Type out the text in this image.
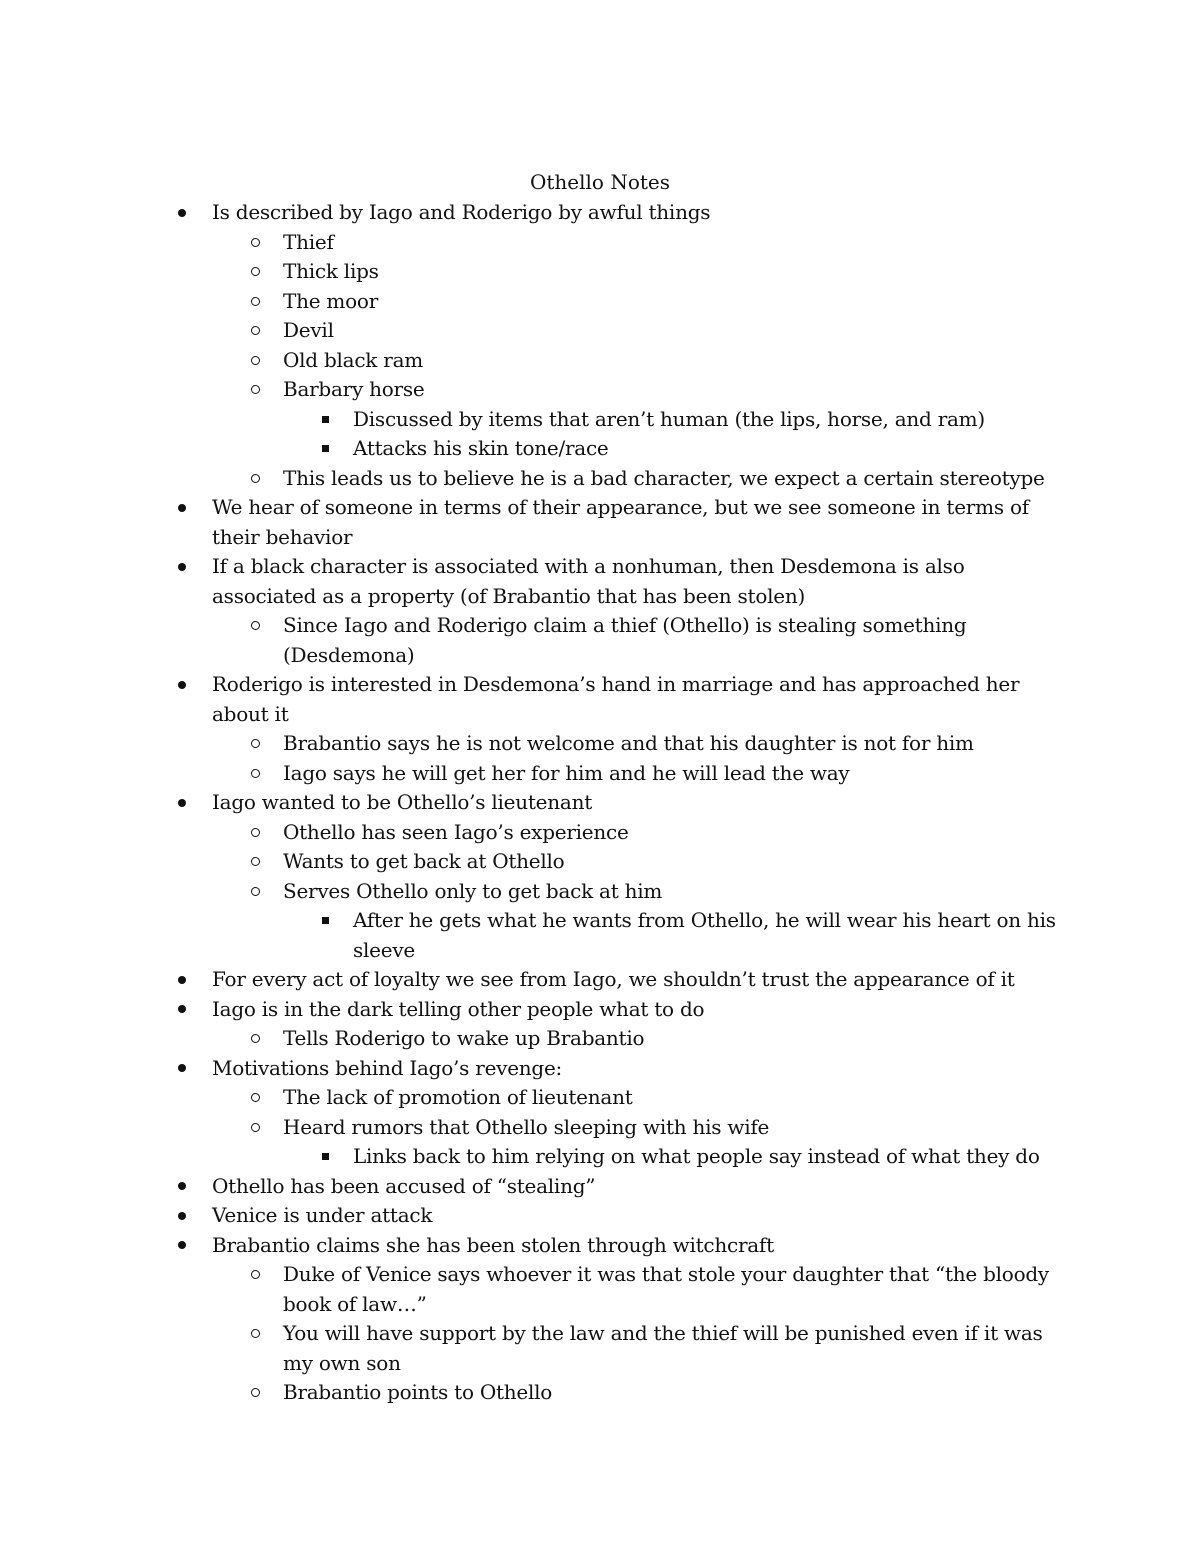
Othello Notes
Is described by Iago and Roderigo by awful things
Thief
Thick lips
The moor
Devil
Old black ram
Barbary horse
Discussed by items that aren’t human (the lips, horse, and ram)
Attacks his skin tone/race
This leads us to believe he is a bad character, we expect a certain stereotype
We hear of someone in terms of their appearance, but we see someone in terms of their behavior
If a black character is associated with a nonhuman, then Desdemona is also associated as a property (of Brabantio that has been stolen)
Since Iago and Roderigo claim a thief (Othello) is stealing something (Desdemona)
Roderigo is interested in Desdemona’s hand in marriage and has approached her about it
Brabantio says he is not welcome and that his daughter is not for him
Iago says he will get her for him and he will lead the way
Iago wanted to be Othello’s lieutenant
Othello has seen Iago’s experience
Wants to get back at Othello
Serves Othello only to get back at him
After he gets what he wants from Othello, he will wear his heart on his sleeve
For every act of loyalty we see from Iago, we shouldn’t trust the appearance of it
Iago is in the dark telling other people what to do
Tells Roderigo to wake up Brabantio
Motivations behind Iago’s revenge:
The lack of promotion of lieutenant
Heard rumors that Othello sleeping with his wife
Links back to him relying on what people say instead of what they do
Othello has been accused of “stealing”
Venice is under attack
Brabantio claims she has been stolen through witchcraft
Duke of Venice says whoever it was that stole your daughter that “the bloody book of law…”
You will have support by the law and the thief will be punished even if it was my own son
Brabantio points to Othello
